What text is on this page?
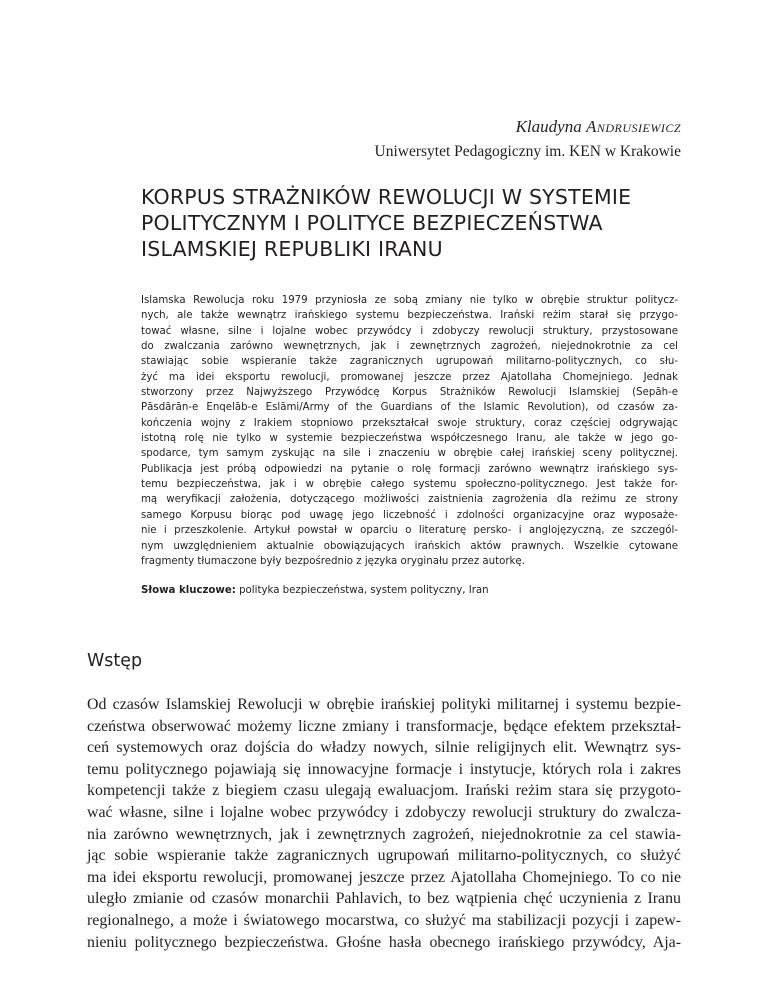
Klaudyna Andrusiewicz
Uniwersytet Pedagogiczny im. KEN w Krakowie
KORPUS STRAŻNIKÓW REWOLUCJI W SYSTEMIE
POLITYCZNYM I POLITYCE BEZPIECZEŃSTWA
ISLAMSKIEJ REPUBLIKI IRANU
Islamska Rewolucja roku 1979 przyniosła ze sobą zmiany nie tylko w obrębie struktur politycz-
nych, ale także wewnątrz irańskiego systemu bezpieczeństwa. Irański reżim starał się przygo-
tować własne, silne i lojalne wobec przywódcy i zdobyczy rewolucji struktury, przystosowane
do zwalczania zarówno wewnętrznych, jak i zewnętrznych zagrożeń, niejednokrotnie za cel
stawiając sobie wspieranie także zagranicznych ugrupowań militarno-politycznych, co słu-
żyć ma idei eksportu rewolucji, promowanej jeszcze przez Ajatollaha Chomejniego. Jednak
stworzony przez Najwyższego Przywódcę Korpus Strażników Rewolucji Islamskiej (Sepāh-e
Pāsdārān-e Enqelāb-e Eslāmi/Army of the Guardians of the Islamic Revolution), od czasów za-
kończenia wojny z Irakiem stopniowo przekształcał swoje struktury, coraz częściej odgrywając
istotną rolę nie tylko w systemie bezpieczeństwa współczesnego Iranu, ale także w jego go-
spodarce, tym samym zyskując na sile i znaczeniu w obrębie całej irańskiej sceny politycznej.
Publikacja jest próbą odpowiedzi na pytanie o rolę formacji zarówno wewnątrz irańskiego sys-
temu bezpieczeństwa, jak i w obrębie całego systemu społeczno-politycznego. Jest także for-
mą weryfikacji założenia, dotyczącego możliwości zaistnienia zagrożenia dla reżimu ze strony
samego Korpusu biorąc pod uwagę jego liczebność i zdolności organizacyjne oraz wyposaże-
nie i przeszkolenie. Artykuł powstał w oparciu o literaturę persko- i anglojęzyczną, ze szczegól-
nym uwzględnieniem aktualnie obowiązujących irańskich aktów prawnych. Wszelkie cytowane
fragmenty tłumaczone były bezpośrednio z języka oryginału przez autorkę.
Słowa kluczowe: polityka bezpieczeństwa, system polityczny, Iran
Wstęp
Od czasów Islamskiej Rewolucji w obrębie irańskiej polityki militarnej i systemu bezpie-
czeństwa obserwować możemy liczne zmiany i transformacje, będące efektem przekształ-
ceń systemowych oraz dojścia do władzy nowych, silnie religijnych elit. Wewnątrz sys-
temu politycznego pojawiają się innowacyjne formacje i instytucje, których rola i zakres
kompetencji także z biegiem czasu ulegają ewaluacjom. Irański reżim stara się przygoto-
wać własne, silne i lojalne wobec przywódcy i zdobyczy rewolucji struktury do zwalcza-
nia zarówno wewnętrznych, jak i zewnętrznych zagrożeń, niejednokrotnie za cel stawia-
jąc sobie wspieranie także zagranicznych ugrupowań militarno-politycznych, co służyć
ma idei eksportu rewolucji, promowanej jeszcze przez Ajatollaha Chomejniego. To co nie
uległo zmianie od czasów monarchii Pahlavich, to bez wątpienia chęć uczynienia z Iranu
regionalnego, a może i światowego mocarstwa, co służyć ma stabilizacji pozycji i zapew-
nieniu politycznego bezpieczeństwa. Głośne hasła obecnego irańskiego przywódcy, Aja-
